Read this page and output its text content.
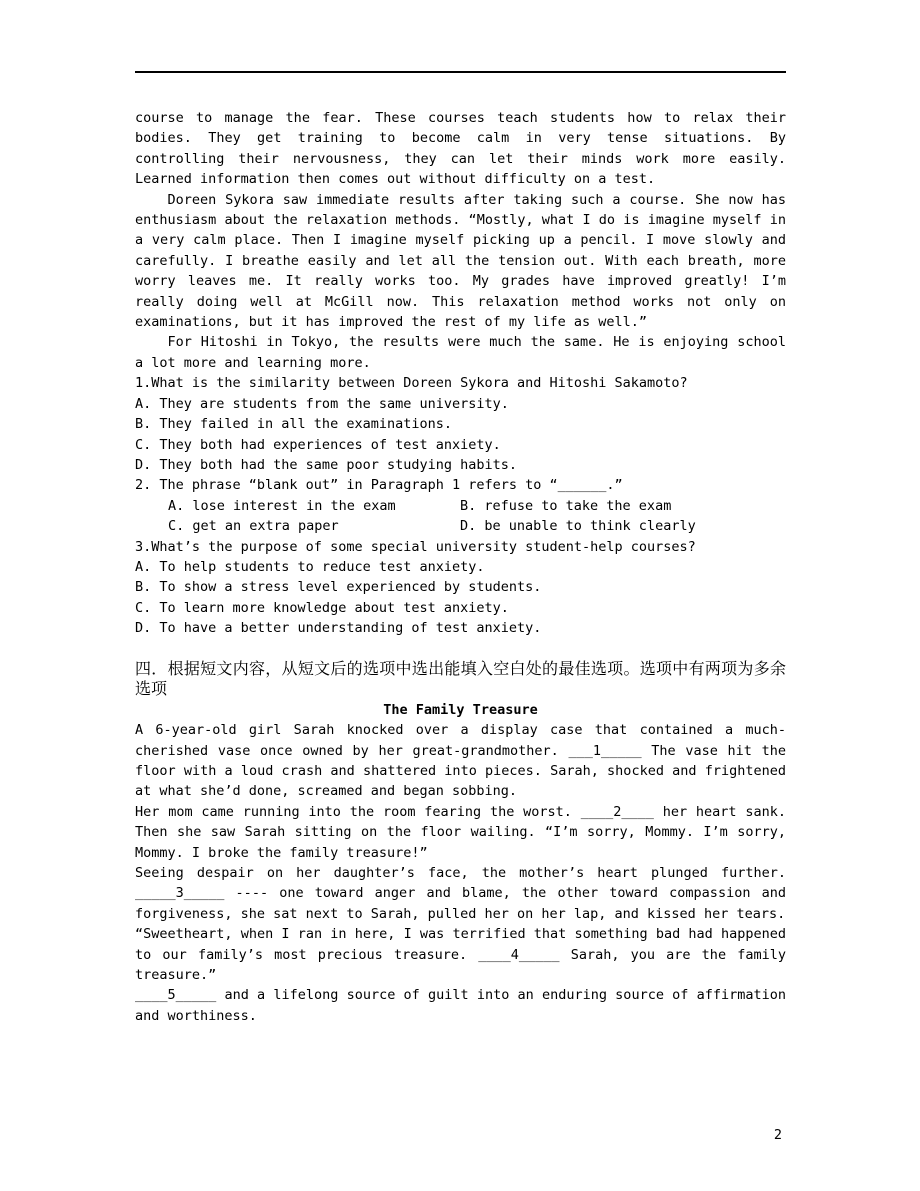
course to manage the fear. These courses teach students how to relax their bodies. They get training to become calm in very tense situations. By controlling their nervousness, they can let their minds work more easily. Learned information then comes out without difficulty on a test.

Doreen Sykora saw immediate results after taking such a course. She now has enthusiasm about the relaxation methods. “Mostly, what I do is imagine myself in a very calm place. Then I imagine myself picking up a pencil. I move slowly and carefully. I breathe easily and let all the tension out. With each breath, more worry leaves me. It really works too. My grades have improved greatly! I’m really doing well at McGill now. This relaxation method works not only on examinations, but it has improved the rest of my life as well.”

For Hitoshi in Tokyo, the results were much the same. He is enjoying school a lot more and learning more.

1.What is the similarity between Doreen Sykora and Hitoshi Sakamoto?

A. They are students from the same university.

B. They failed in all the examinations.

C. They both had experiences of test anxiety.

D. They both had the same poor studying habits.

2. The phrase “blank out” in Paragraph 1 refers to “______.”

A. lose interest in the exam	B. refuse to take the exam
C. get an extra paper	D. be unable to think clearly

3.What’s the purpose of some special university student-help courses?

A. To help students to reduce test anxiety.

B. To show a stress level experienced by students.

C. To learn more knowledge about test anxiety.

D. To have a better understanding of test anxiety.

四．根据短文内容，从短文后的选项中选出能填入空白处的最佳选项。选项中有两项为多余选项

The Family Treasure

A 6-year-old girl Sarah knocked over a display case that contained a much-cherished vase once owned by her great-grandmother. ___1_____ The vase hit the floor with a loud crash and shattered into pieces. Sarah, shocked and frightened at what she’d done, screamed and began sobbing.

Her mom came running into the room fearing the worst. ____2____ her heart sank. Then she saw Sarah sitting on the floor wailing. “I’m sorry, Mommy. I’m sorry, Mommy. I broke the family treasure!”

Seeing despair on her daughter’s face, the mother’s heart plunged further. _____3_____ ---- one toward anger and blame, the other toward compassion and forgiveness, she sat next to Sarah, pulled her on her lap, and kissed her tears.

“Sweetheart, when I ran in here, I was terrified that something bad had happened to our family’s most precious treasure. ____4_____ Sarah, you are the family treasure.”

____5_____ and a lifelong source of guilt into an enduring source of affirmation and worthiness.

2
